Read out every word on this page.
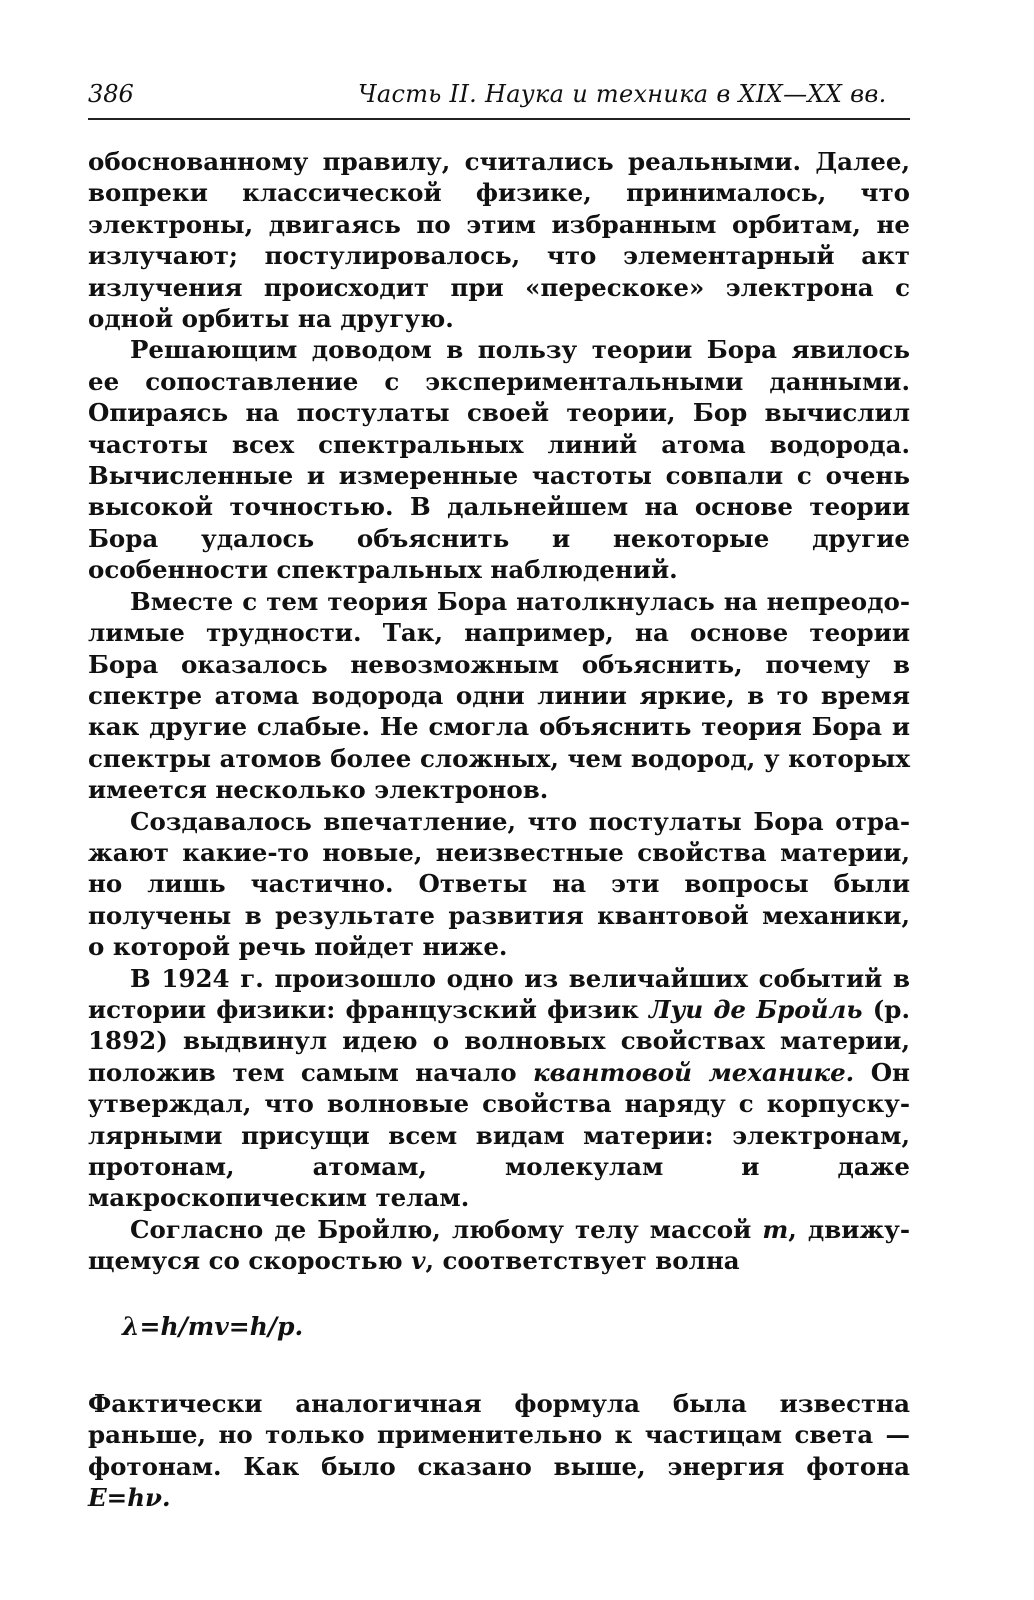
386	Часть II. Наука и техника в XIX—XX вв.

обоснованному правилу, считались реальными. Далее, вопреки классической физике, принималось, что электроны, двигаясь по этим избранным орбитам, не излучают; постулировалось, что элементарный акт излучения происходит при «перескоке» электрона с одной орбиты на другую.

Решающим доводом в пользу теории Бора явилось ее сопоставление с экспериментальными данными. Опираясь на постулаты своей теории, Бор вычислил частоты всех спектральных линий атома водорода. Вычисленные и измеренные частоты совпали с очень высокой точностью. В дальнейшем на основе теории Бора удалось объяснить и некоторые другие особенности спектральных наблюдений.

Вместе с тем теория Бора натолкнулась на непреодолимые трудности. Так, например, на основе теории Бора оказалось невозможным объяснить, почему в спектре атома водорода одни линии яркие, в то время как другие слабые. Не смогла объяснить теория Бора и спектры атомов более сложных, чем водород, у которых имеется несколько электронов.

Создавалось впечатление, что постулаты Бора отражают какие-то новые, неизвестные свойства материи, но лишь частично. Ответы на эти вопросы были получены в результате развития квантовой механики, о которой речь пойдет ниже.

В 1924 г. произошло одно из величайших событий в истории физики: французский физик Луи де Бройль (р. 1892) выдвинул идею о волновых свойствах материи, положив тем самым начало квантовой механике. Он утверждал, что волновые свойства наряду с корпускулярными присущи всем видам материи: электронам, протонам, атомам, молекулам и даже макроскопическим телам.

Согласно де Бройлю, любому телу массой m, движущемуся со скоростью v, соответствует волна

λ=h/mv=h/p.

Фактически аналогичная формула была известна раньше, но только применительно к частицам света — фотонам. Как было сказано выше, энергия фотона E=hν.
